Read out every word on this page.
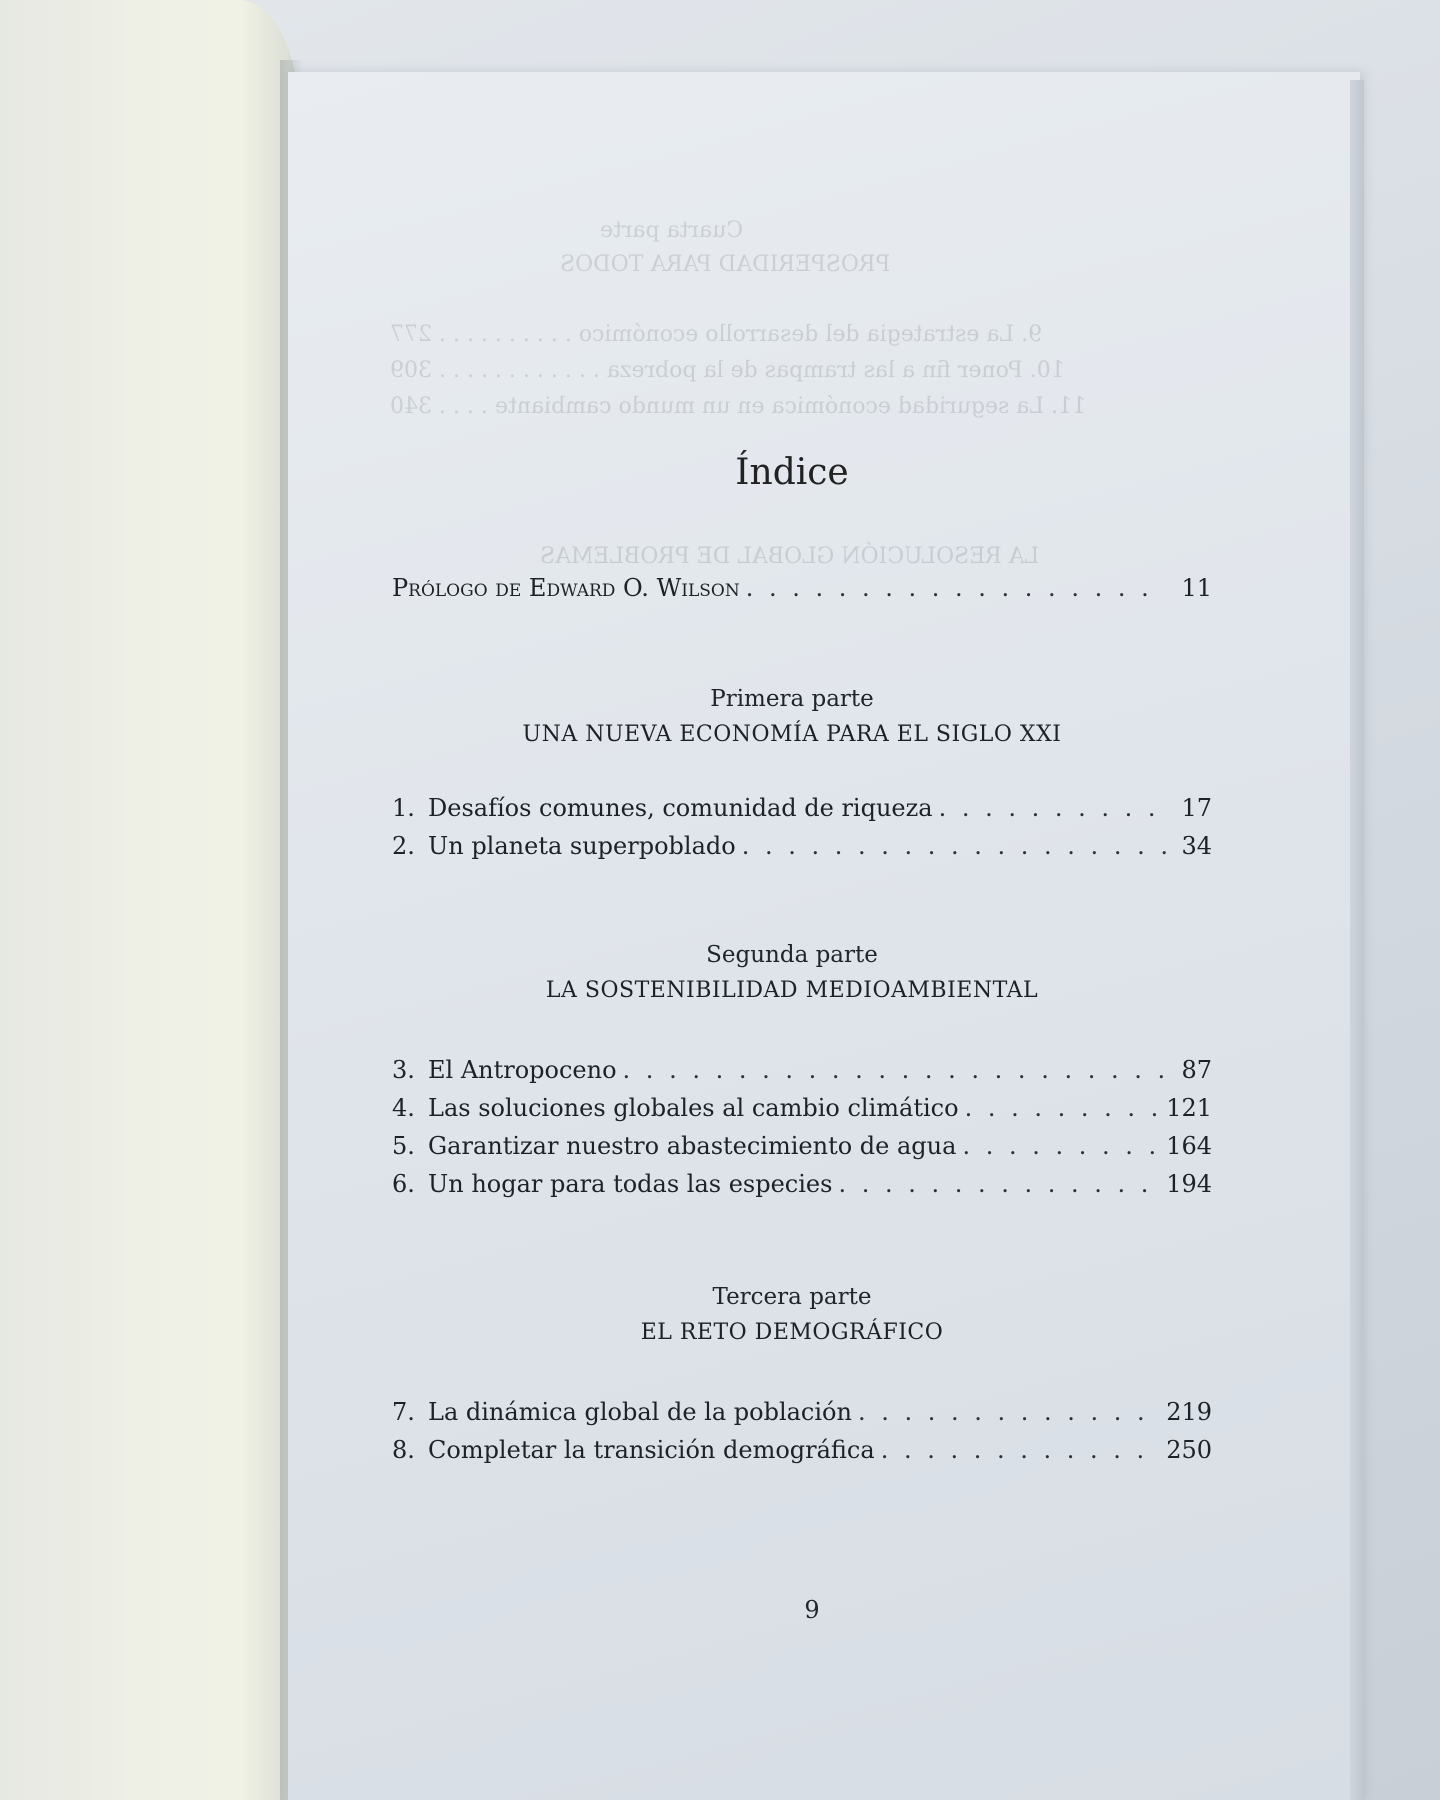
Cuarta parte
PROSPERIDAD PARA TODOS
9. La estrategia del desarrollo económico . . . . . . . . . . 277
10. Poner fin a las trampas de la pobreza . . . . . . . . . . . . 309
11. La seguridad económica en un mundo cambiante . . . . 340
LA RESOLUCIÓN GLOBAL DE PROBLEMAS
Índice
Prólogo de Edward O. Wilson . . .	11
Primera parte
UNA NUEVA ECONOMÍA PARA EL SIGLO XXI
1. Desafíos comunes, comunidad de riqueza . . .	17
2. Un planeta superpoblado . . .	34
Segunda parte
LA SOSTENIBILIDAD MEDIOAMBIENTAL
3. El Antropoceno . . .	87
4. Las soluciones globales al cambio climático . . .	121
5. Garantizar nuestro abastecimiento de agua . . .	164
6. Un hogar para todas las especies . . .	194
Tercera parte
EL RETO DEMOGRÁFICO
7. La dinámica global de la población . . .	219
8. Completar la transición demográfica . . .	250
9
